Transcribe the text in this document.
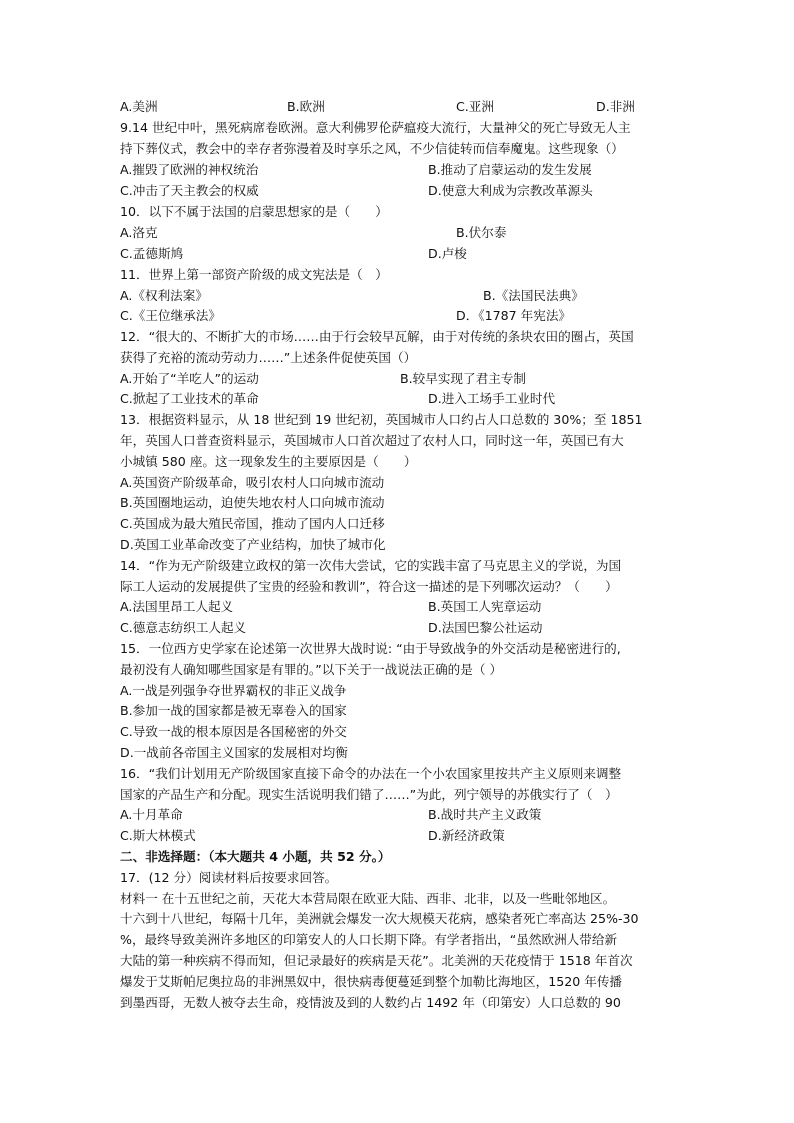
A.美洲	B.欧洲	C.亚洲	D.非洲
9.14 世纪中叶，黑死病席卷欧洲。意大利佛罗伦萨瘟疫大流行，大量神父的死亡导致无人主
持下葬仪式，教会中的幸存者弥漫着及时享乐之风，不少信徒转而信奉魔鬼。这些现象（）
A.摧毁了欧洲的神权统治	B.推动了启蒙运动的发生发展
C.冲击了天主教会的权威	D.使意大利成为宗教改革源头
10．以下不属于法国的启蒙思想家的是（　　）
A.洛克	B.伏尔泰
C.孟德斯鸠	D.卢梭
11．世界上第一部资产阶级的成文宪法是（　）
A.《权利法案》	B.《法国民法典》
C.《王位继承法》	D．《1787 年宪法》
12．“很大的、不断扩大的市场……由于行会较早瓦解，由于对传统的条块农田的圈占，英国
获得了充裕的流动劳动力……”上述条件促使英国（）
A.开始了“羊吃人”的运动	B.较早实现了君主专制
C.掀起了工业技术的革命	D.进入工场手工业时代
13．根据资料显示，从 18 世纪到 19 世纪初，英国城市人口约占人口总数的 30%；至 1851
年，英国人口普查资料显示，英国城市人口首次超过了农村人口，同时这一年，英国已有大
小城镇 580 座。这一现象发生的主要原因是（　　）
A.英国资产阶级革命，吸引农村人口向城市流动
B.英国圈地运动，迫使失地农村人口向城市流动
C.英国成为最大殖民帝国，推动了国内人口迁移
D.英国工业革命改变了产业结构，加快了城市化
14．“作为无产阶级建立政权的第一次伟大尝试，它的实践丰富了马克思主义的学说，为国
际工人运动的发展提供了宝贵的经验和教训”，符合这一描述的是下列哪次运动？（　　）
A.法国里昂工人起义	B.英国工人宪章运动
C.德意志纺织工人起义	D.法国巴黎公社运动
15．一位西方史学家在论述第一次世界大战时说: “由于导致战争的外交活动是秘密进行的,
最初没有人确知哪些国家是有罪的。”以下关于一战说法正确的是（ ）
A.一战是列强争夺世界霸权的非正义战争
B.参加一战的国家都是被无辜卷入的国家
C.导致一战的根本原因是各国秘密的外交
D.一战前各帝国主义国家的发展相对均衡
16．“我们计划用无产阶级国家直接下命令的办法在一个小农国家里按共产主义原则来调整
国家的产品生产和分配。现实生活说明我们错了……”为此，列宁领导的苏俄实行了（　）
A.十月革命	B.战时共产主义政策
C.斯大林模式	D.新经济政策
二、非选择题：（本大题共 4 小题，共 52 分。）
17．(12 分）阅读材料后按要求回答。
材料一 在十五世纪之前，天花大本营局限在欧亚大陆、西非、北非，以及一些毗邻地区。
十六到十八世纪，每隔十几年，美洲就会爆发一次大规模天花病，感染者死亡率高达 25%-30
%，最终导致美洲许多地区的印第安人的人口长期下降。有学者指出，“虽然欧洲人带给新
大陆的第一种疾病不得而知，但记录最好的疾病是天花”。北美洲的天花疫情于 1518 年首次
爆发于艾斯帕尼奥拉岛的非洲黑奴中，很快病毒便蔓延到整个加勒比海地区，1520 年传播
到墨西哥，无数人被夺去生命，疫情波及到的人数约占 1492 年（印第安）人口总数的 90
